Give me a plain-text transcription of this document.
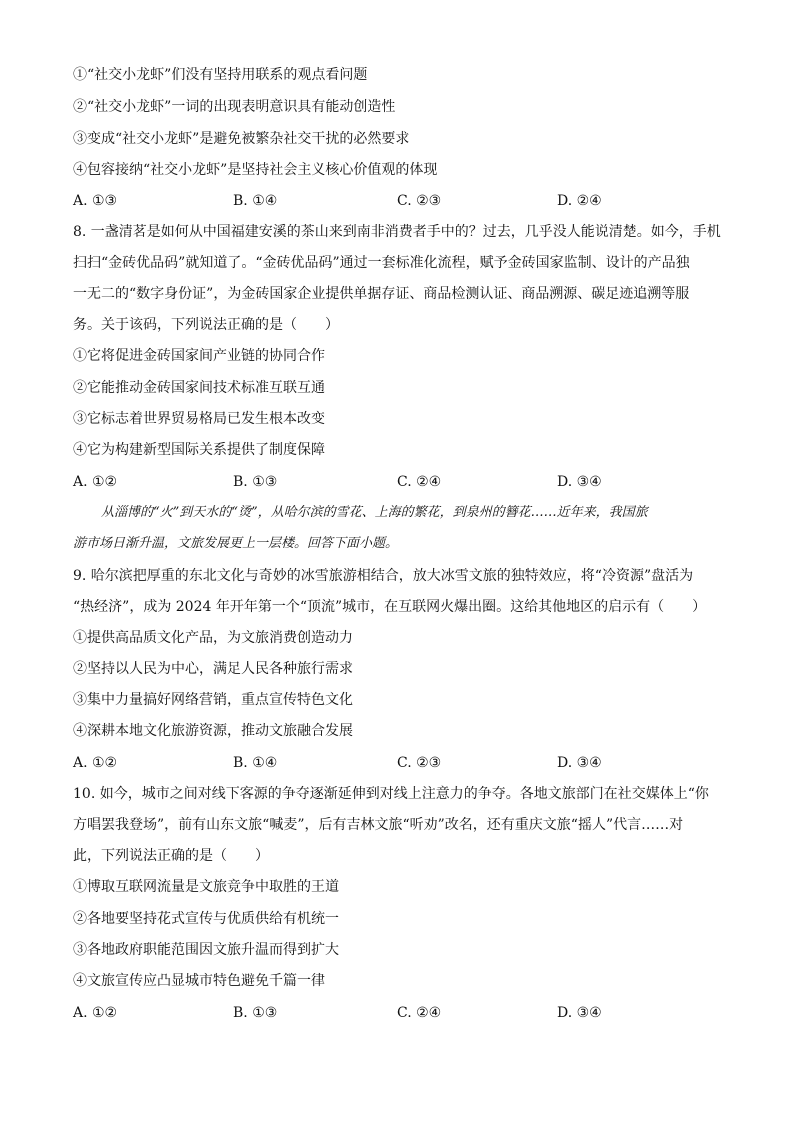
①“社交小龙虾”们没有坚持用联系的观点看问题
②“社交小龙虾”一词的出现表明意识具有能动创造性
③变成“社交小龙虾”是避免被繁杂社交干扰的必然要求
④包容接纳“社交小龙虾”是坚持社会主义核心价值观的体现
A. ①③	B. ①④	C. ②③	D. ②④
8. 一盏清茗是如何从中国福建安溪的茶山来到南非消费者手中的？过去，几乎没人能说清楚。如今，手机
扫扫“金砖优品码”就知道了。“金砖优品码”通过一套标准化流程，赋予金砖国家监制、设计的产品独
一无二的“数字身份证”，为金砖国家企业提供单据存证、商品检测认证、商品溯源、碳足迹追溯等服
务。关于该码，下列说法正确的是（　　）
①它将促进金砖国家间产业链的协同合作
②它能推动金砖国家间技术标准互联互通
③它标志着世界贸易格局已发生根本改变
④它为构建新型国际关系提供了制度保障
A. ①②	B. ①③	C. ②④	D. ③④
从淄博的“火”到天水的“烫”，从哈尔滨的雪花、上海的繁花，到泉州的簪花……近年来，我国旅
游市场日渐升温，文旅发展更上一层楼。回答下面小题。
9. 哈尔滨把厚重的东北文化与奇妙的冰雪旅游相结合，放大冰雪文旅的独特效应，将“冷资源”盘活为
“热经济”，成为 2024 年开年第一个“顶流”城市，在互联网火爆出圈。这给其他地区的启示有（　　）
①提供高品质文化产品，为文旅消费创造动力
②坚持以人民为中心，满足人民各种旅行需求
③集中力量搞好网络营销，重点宣传特色文化
④深耕本地文化旅游资源，推动文旅融合发展
A. ①②	B. ①④	C. ②③	D. ③④
10. 如今，城市之间对线下客源的争夺逐渐延伸到对线上注意力的争夺。各地文旅部门在社交媒体上“你
方唱罢我登场”，前有山东文旅“喊麦”，后有吉林文旅“听劝”改名，还有重庆文旅“摇人”代言……对
此，下列说法正确的是（　　）
①博取互联网流量是文旅竞争中取胜的王道
②各地要坚持花式宣传与优质供给有机统一
③各地政府职能范围因文旅升温而得到扩大
④文旅宣传应凸显城市特色避免千篇一律
A. ①②	B. ①③	C. ②④	D. ③④
